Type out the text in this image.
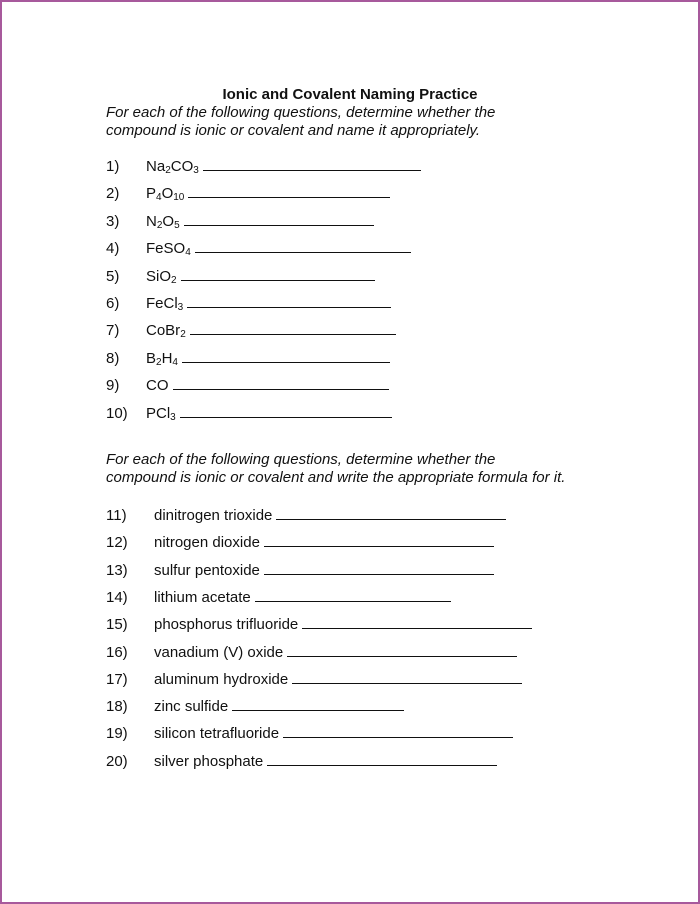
Ionic and Covalent Naming Practice
For each of the following questions, determine whether the
compound is ionic or covalent and name it appropriately.
1) $Na_2CO_3$
2) $P_4O_{10}$
3) $N_2O_5$
4) FeSO$_4$
5) SiO$_2$
6) FeCl$_3$
7) CoBr$_2$
8) $B_2H_4$
9) CO
10) PCl$_3$
For each of the following questions, determine whether the
compound is ionic or covalent and write the appropriate formula for it.
11) dinitrogen trioxide
12) nitrogen dioxide
13) sulfur pentoxide
14) lithium acetate
15) phosphorus trifluoride
16) vanadium (V) oxide
17) aluminum hydroxide
18) zinc sulfide
19) silicon tetrafluoride
20) silver phosphate
